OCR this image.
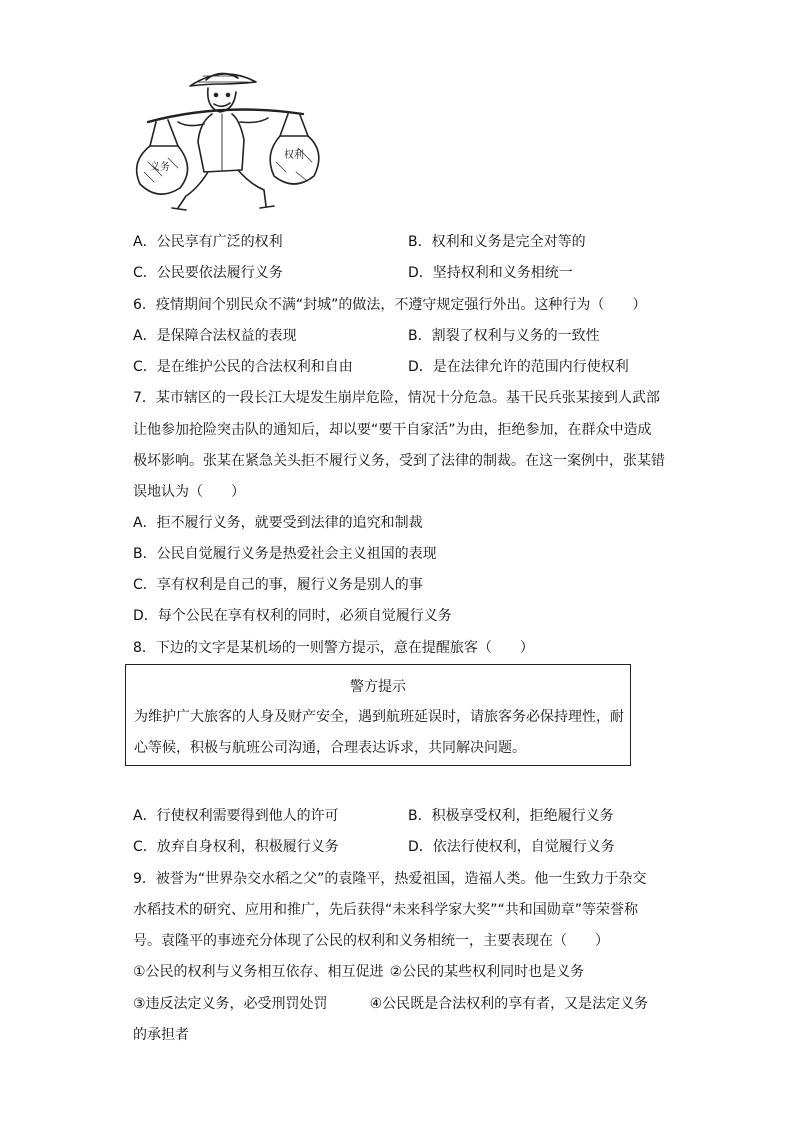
义务
权利
A．公民享有广泛的权利	B．权利和义务是完全对等的
C．公民要依法履行义务	D．坚持权利和义务相统一
6．疫情期间个别民众不满“封城”的做法，不遵守规定强行外出。这种行为（　　）
A．是保障合法权益的表现	B．割裂了权利与义务的一致性
C．是在维护公民的合法权利和自由	D．是在法律允许的范围内行使权利
7．某市辖区的一段长江大堤发生崩岸危险，情况十分危急。基干民兵张某接到人武部
让他参加抢险突击队的通知后，却以要“要干自家活”为由，拒绝参加，在群众中造成
极坏影响。张某在紧急关头拒不履行义务，受到了法律的制裁。在这一案例中，张某错
误地认为（　　）
A．拒不履行义务，就要受到法律的追究和制裁
B．公民自觉履行义务是热爱社会主义祖国的表现
C．享有权利是自己的事，履行义务是别人的事
D．每个公民在享有权利的同时，必须自觉履行义务
8．下边的文字是某机场的一则警方提示，意在提醒旅客（　　）
警方提示
为维护广大旅客的人身及财产安全，遇到航班延误时，请旅客务必保持理性，耐
心等候，积极与航班公司沟通，合理表达诉求，共同解决问题。
A．行使权利需要得到他人的许可	B．积极享受权利，拒绝履行义务
C．放弃自身权利，积极履行义务	D．依法行使权利，自觉履行义务
9．被誉为“世界杂交水稻之父”的袁隆平，热爱祖国，造福人类。他一生致力于杂交
水稻技术的研究、应用和推广，先后获得“未来科学家大奖”“共和国勋章”等荣誉称
号。袁隆平的事迹充分体现了公民的权利和义务相统一，主要表现在（　　）
①公民的权利与义务相互依存、相互促进 ②公民的某些权利同时也是义务
③违反法定义务，必受刑罚处罚	④公民既是合法权利的享有者，又是法定义务
的承担者
